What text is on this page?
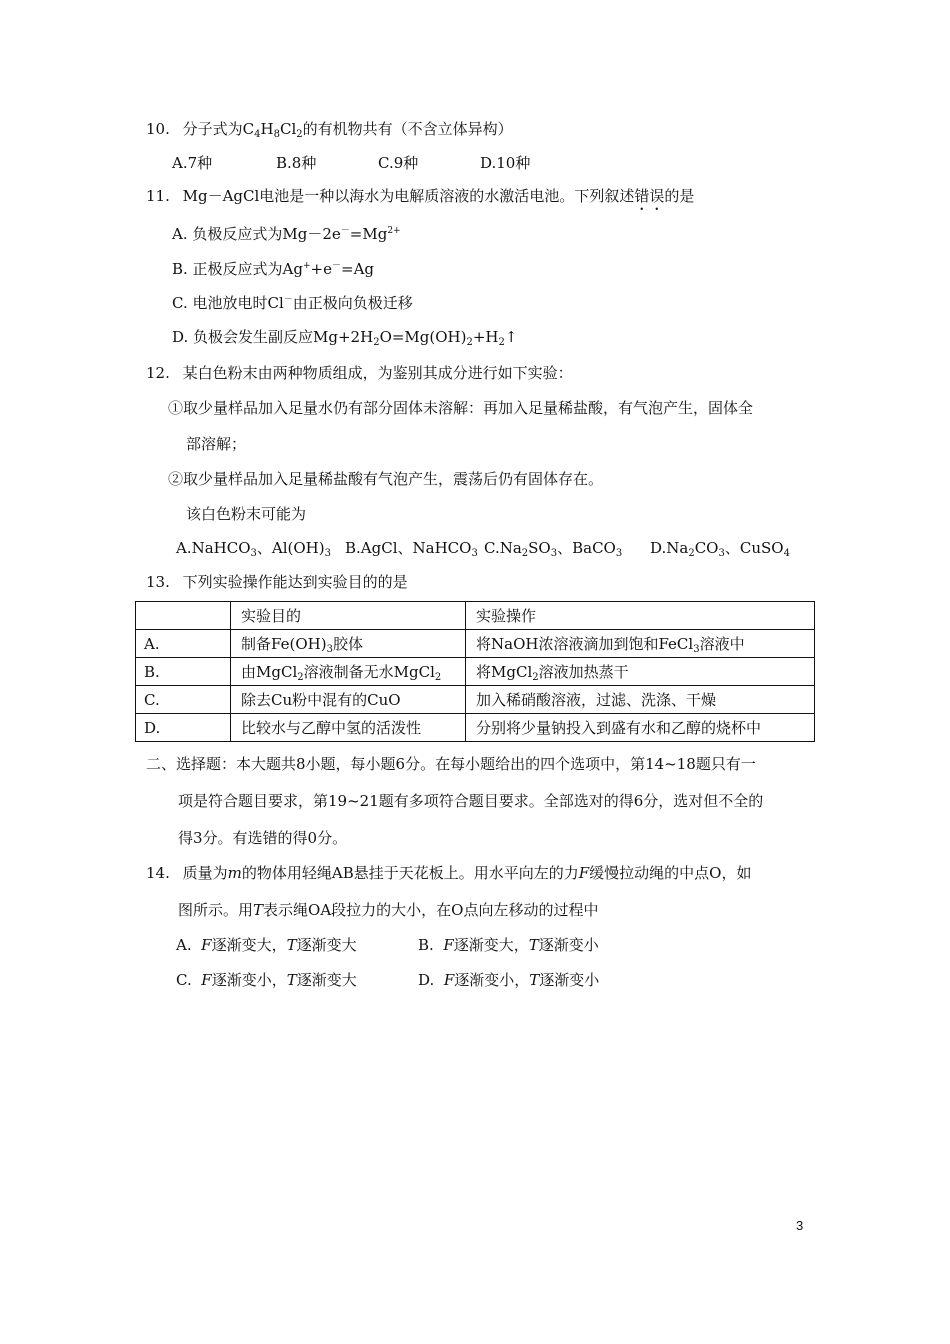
10. 分子式为$C_4H_8Cl_2$的有机物共有（不含立体异构）
A.7种	B.8种	C.9种	D.10种
11. Mg－AgCl电池是一种以海水为电解质溶液的水激活电池。下列叙述错误的是
A. 负极反应式为$Mg-2e^-=Mg^{2+}$
B. 正极反应式为Ag++e－=Ag
C. 电池放电时Cl－由正极向负极迁移
D. 负极会发生副反应$Mg+2H_2O=Mg(OH)_2+H_2↑$
12. 某白色粉末由两种物质组成，为鉴别其成分进行如下实验：
①取少量样品加入足量水仍有部分固体未溶解：再加入足量稀盐酸，有气泡产生，固体全
部溶解；
②取少量样品加入足量稀盐酸有气泡产生，震荡后仍有固体存在。
该白色粉末可能为
A.NaHCO$_3$、$Al(OH)_3$ B.AgCl、NaHCO$_3$ $C.Na_2SO_3$、BaCO$_3$ $D.Na_2CO_3$、CuSO$_4$
13. 下列实验操作能达到实验目的的是
	实验目的	实验操作
A.	制备$Fe(OH)_3$胶体	将NaOH浓溶液滴加到饱和FeCl$_3$溶液中
B.	由MgCl$_2$溶液制备无水MgCl$_2$	将MgCl$_2$溶液加热蒸干
C.	除去Cu粉中混有的CuO	加入稀硝酸溶液，过滤、洗涤、干燥
D.	比较水与乙醇中氢的活泼性	分别将少量钠投入到盛有水和乙醇的烧杯中
二、选择题：本大题共8小题，每小题6分。在每小题给出的四个选项中，第14~18题只有一
项是符合题目要求，第19~21题有多项符合题目要求。全部选对的得6分，选对但不全的
得3分。有选错的得0分。
14. 质量为m的物体用轻绳AB悬挂于天花板上。用水平向左的力F缓慢拉动绳的中点O，如
图所示。用T表示绳OA段拉力的大小，在O点向左移动的过程中
A. F逐渐变大，T逐渐变大	B. F逐渐变大，T逐渐变小
C. F逐渐变小，T逐渐变大	D. F逐渐变小，T逐渐变小
3
